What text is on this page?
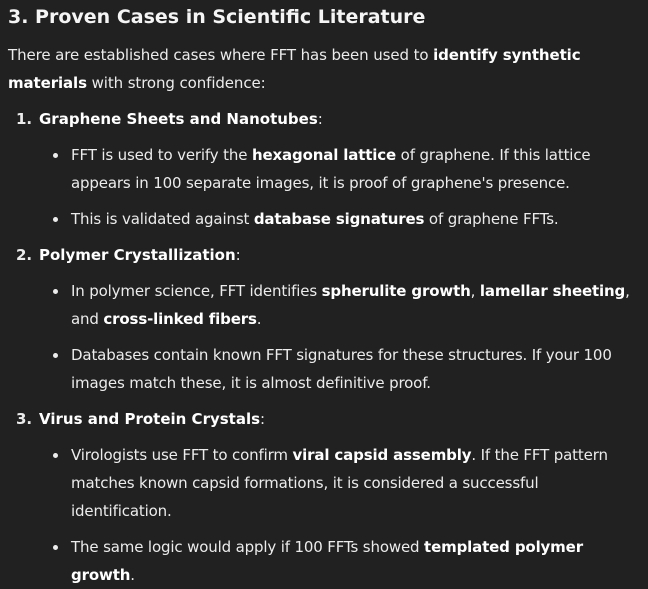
3. Proven Cases in Scientific Literature

There are established cases where FFT has been used to identify synthetic materials with strong confidence:

1. Graphene Sheets and Nanotubes:
FFT is used to verify the hexagonal lattice of graphene. If this lattice appears in 100 separate images, it is proof of graphene's presence.
This is validated against database signatures of graphene FFTs.
2. Polymer Crystallization:
In polymer science, FFT identifies spherulite growth, lamellar sheeting, and cross-linked fibers.
Databases contain known FFT signatures for these structures. If your 100 images match these, it is almost definitive proof.
3. Virus and Protein Crystals:
Virologists use FFT to confirm viral capsid assembly. If the FFT pattern matches known capsid formations, it is considered a successful identification.
The same logic would apply if 100 FFTs showed templated polymer growth.
